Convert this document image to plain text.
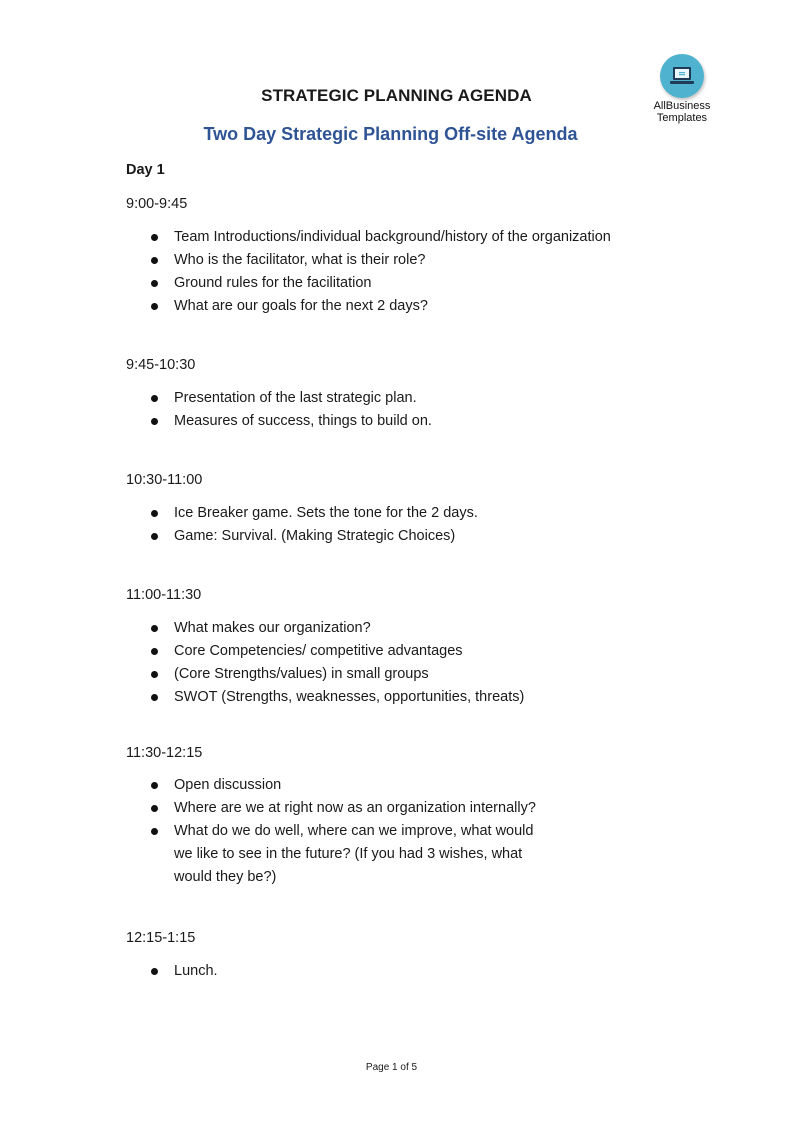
AllBusiness
Templates
STRATEGIC PLANNING AGENDA
Two Day Strategic Planning Off-site Agenda
Day 1
9:00-9:45
Team Introductions/individual background/history of the organization
Who is the facilitator, what is their role?
Ground rules for the facilitation
What are our goals for the next 2 days?
9:45-10:30
Presentation of the last strategic plan.
Measures of success, things to build on.
10:30-11:00
Ice Breaker game. Sets the tone for the 2 days.
Game: Survival. (Making Strategic Choices)
11:00-11:30
What makes our organization?
Core Competencies/ competitive advantages
(Core Strengths/values) in small groups
SWOT (Strengths, weaknesses, opportunities, threats)
11:30-12:15
Open discussion
Where are we at right now as an organization internally?
What do we do well, where can we improve, what would we like to see in the future? (If you had 3 wishes, what would they be?)
12:15-1:15
Lunch.
Page 1 of 5
